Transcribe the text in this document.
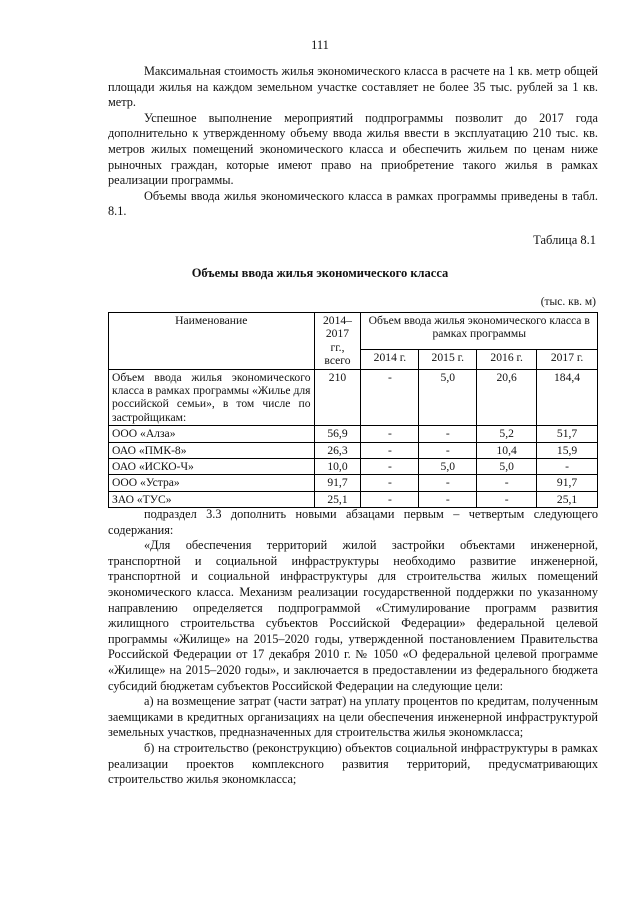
111

Максимальная стоимость жилья экономического класса в расчете на 1 кв. метр общей площади жилья на каждом земельном участке составляет не более 35 тыс. рублей за 1 кв. метр.

Успешное выполнение мероприятий подпрограммы позволит до 2017 года дополнительно к утвержденному объему ввода жилья ввести в эксплуатацию 210 тыс. кв. метров жилых помещений экономического класса и обеспечить жильем по ценам ниже рыночных граждан, которые имеют право на приобретение такого жилья в рамках реализации программы.

Объемы ввода жилья экономического класса в рамках программы приведены в табл. 8.1.

Таблица 8.1
Объемы ввода жилья экономического класса
(тыс. кв. м)
Наименование	2014–2017 гг., всего	Объем ввода жилья экономического класса в рамках программы			
		2014 г.	2015 г.	2016 г.	2017 г.
Объем ввода жилья экономического класса в рамках программы «Жилье для российской семьи», в том числе по застройщикам:	210	-	5,0	20,6	184,4
ООО «Алза»	56,9	-	-	5,2	51,7
ОАО «ПМК-8»	26,3	-	-	10,4	15,9
ОАО «ИСКО-Ч»	10,0	-	5,0	5,0	-
ООО «Устра»	91,7	-	-	-	91,7
ЗАО «ТУС»	25,1	-	-	-	25,1

подраздел 3.3 дополнить новыми абзацами первым – четвертым следующего содержания:

«Для обеспечения территорий жилой застройки объектами инженерной, транспортной и социальной инфраструктуры необходимо развитие инженерной, транспортной и социальной инфраструктуры для строительства жилых помещений экономического класса. Механизм реализации государственной поддержки по указанному направлению определяется подпрограммой «Стимулирование программ развития жилищного строительства субъектов Российской Федерации» федеральной целевой программы «Жилище» на 2015–2020 годы, утвержденной постановлением Правительства Российской Федерации от 17 декабря 2010 г. № 1050 «О федеральной целевой программе «Жилище» на 2015–2020 годы», и заключается в предоставлении из федерального бюджета субсидий бюджетам субъектов Российской Федерации на следующие цели:

а) на возмещение затрат (части затрат) на уплату процентов по кредитам, полученным заемщиками в кредитных организациях на цели обеспечения инженерной инфраструктурой земельных участков, предназначенных для строительства жилья экономкласса;

б) на строительство (реконструкцию) объектов социальной инфраструктуры в рамках реализации проектов комплексного развития территорий, предусматривающих строительство жилья экономкласса;
